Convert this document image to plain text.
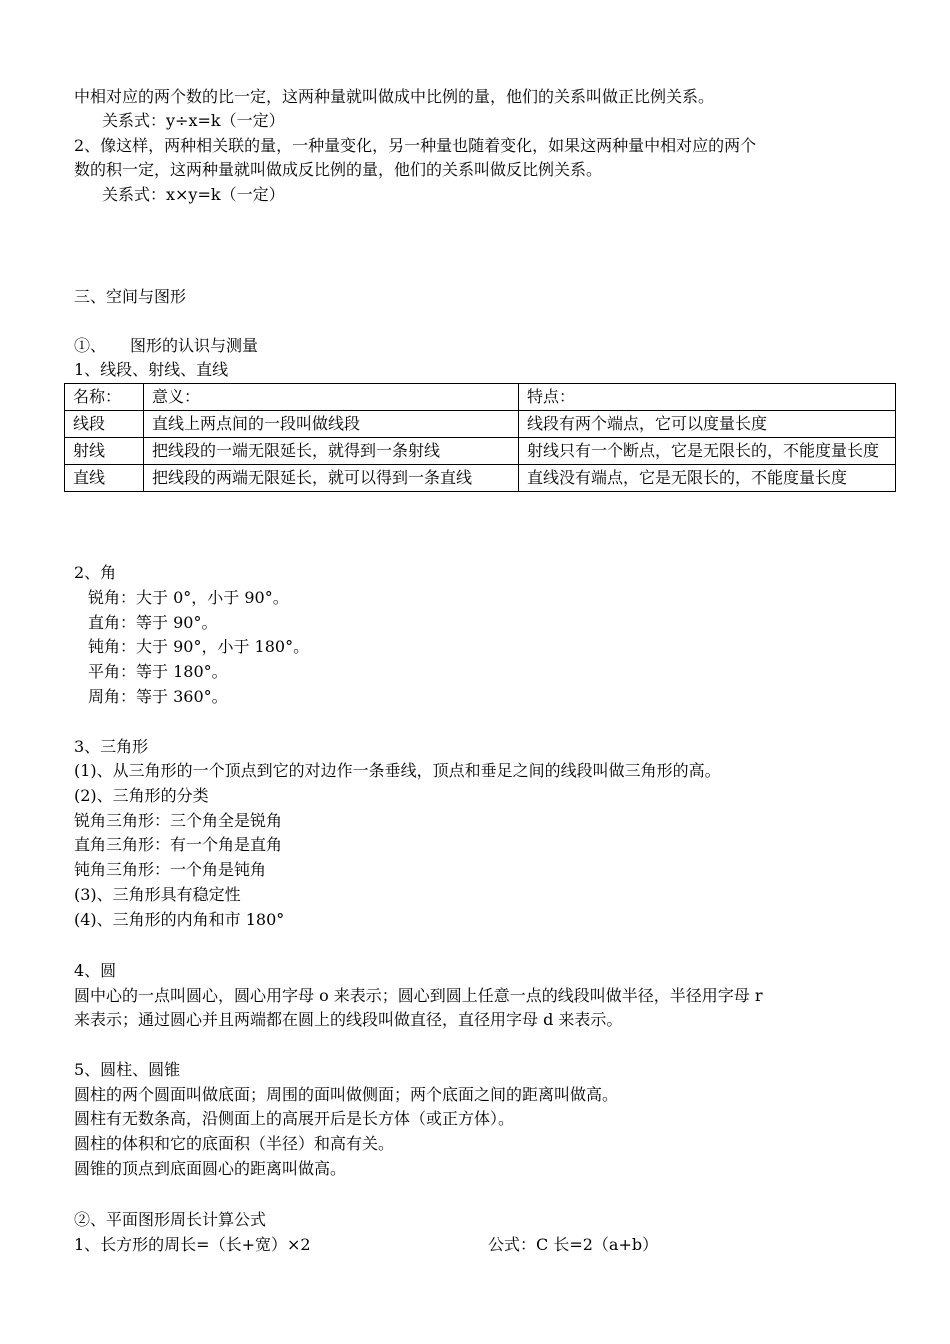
中相对应的两个数的比一定，这两种量就叫做成中比例的量，他们的关系叫做正比例关系。
关系式：y÷x=k（一定）
2、像这样，两种相关联的量，一种量变化，另一种量也随着变化，如果这两种量中相对应的两个
数的积一定，这两种量就叫做成反比例的量，他们的关系叫做反比例关系。
关系式：x×y=k（一定）
三、空间与图形
①、　　图形的认识与测量
1、线段、射线、直线
名称：	意义：	特点：
线段	直线上两点间的一段叫做线段	线段有两个端点，它可以度量长度
射线	把线段的一端无限延长，就得到一条射线	射线只有一个断点，它是无限长的，不能度量长度
直线	把线段的两端无限延长，就可以得到一条直线	直线没有端点，它是无限长的，不能度量长度
2、角
锐角：大于 0°，小于 90°。
直角：等于 90°。
钝角：大于 90°，小于 180°。
平角：等于 180°。
周角：等于 360°。
3、三角形
(1)、从三角形的一个顶点到它的对边作一条垂线，顶点和垂足之间的线段叫做三角形的高。
(2)、三角形的分类
锐角三角形：三个角全是锐角
直角三角形：有一个角是直角
钝角三角形：一个角是钝角
(3)、三角形具有稳定性
(4)、三角形的内角和市 180°
4、圆
圆中心的一点叫圆心，圆心用字母 o 来表示；圆心到圆上任意一点的线段叫做半径，半径用字母 r
来表示；通过圆心并且两端都在圆上的线段叫做直径，直径用字母 d 来表示。
5、圆柱、圆锥
圆柱的两个圆面叫做底面；周围的面叫做侧面；两个底面之间的距离叫做高。
圆柱有无数条高，沿侧面上的高展开后是长方体（或正方体）。
圆柱的体积和它的底面积（半径）和高有关。
圆锥的顶点到底面圆心的距离叫做高。
②、平面图形周长计算公式
1、长方形的周长=（长+宽）×2	公式：C 长=2（a+b）
